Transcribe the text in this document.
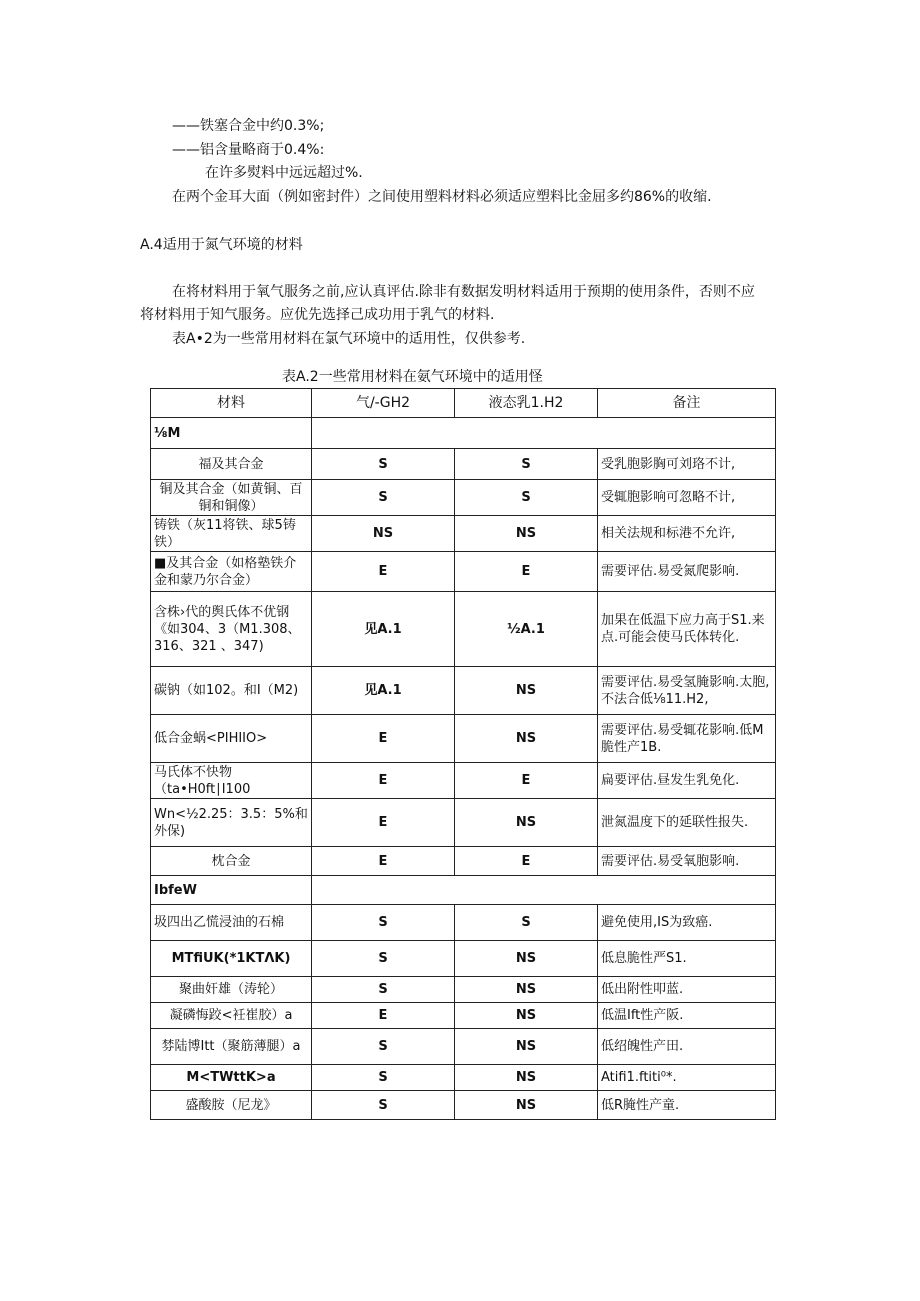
——铁塞合金中约0.3%;
——铝含量略商于0.4%:
在许多熨料中远远超过%.
在两个金耳大面（例如密封件）之间使用塑料材料必须适应塑料比金屈多约86%的收缩.
A.4适用于氮气环境的材料
在将材料用于氧气服务之前,应认真评估.除非有数据发明材料适用于预期的使用条件，否则不应
将材料用于知气服务。应优先选择己成功用于乳气的材料.
表A•2为一些常用材料在氯气环境中的适用性，仅供参考.
表A.2一些常用材料在氨气环境中的适用怪
材料	气/-GH2	液态乳1.H2	备注
⅛M			
福及其合金	S	S	受乳胞影胸可刘珞不计,
铜及其合金（如黄铜、百铜和铜像）	S	S	受辄胞影响可忽略不计,
铸铁（灰11将铁、球5铸铁）	NS	NS	相关法规和标港不允许,
■及其合金（如格塾铁介金和蒙乃尔合金）	E	E	需要评估.易受氮爬影响.
含株›代的舆氏体不优钢《如304、3（M1.308、316、321 、347)	见A.1	½A.1	加果在低温下应力高于S1.来点.可能会使马氏体转化.
碳钠（如102。和I（M2)	见A.1	NS	需要评估.易受氢腌影响.太胞,不法合低⅛11.H2,
低合金蜗<PIHIIO>	E	NS	需要评估.易受辄花影响.低M脆性产1B.
马氏体不快物（ta•H0ft∣I100	E	E	扁要评估.昼发生乳免化.
Wn<½2.25：3.5：5%和外保)	E	NS	泄氮温度下的延联性报失.
枕合金	E	E	需要评估.易受氧胞影响.
IbfeW			
圾四出乙慌浸油的石棉	S	S	避免使用,IS为致癌.
MTfiUK(*1KTΛK)	S	NS	低息脆性严S1.
聚曲奸雄（涛轮）	S	NS	低出附性叩蓝.
凝磷悔跤<衽崔胶）a	E	NS	低温Ift性产阪.
棼陆博Itt（聚筋薄腿）a	S	NS	低绍魄性产田.
M<TWttK>a	S	NS	Atifi1.ftiti⁰*.
盛酸胺（尼龙》	S	NS	低R腌性产童.
